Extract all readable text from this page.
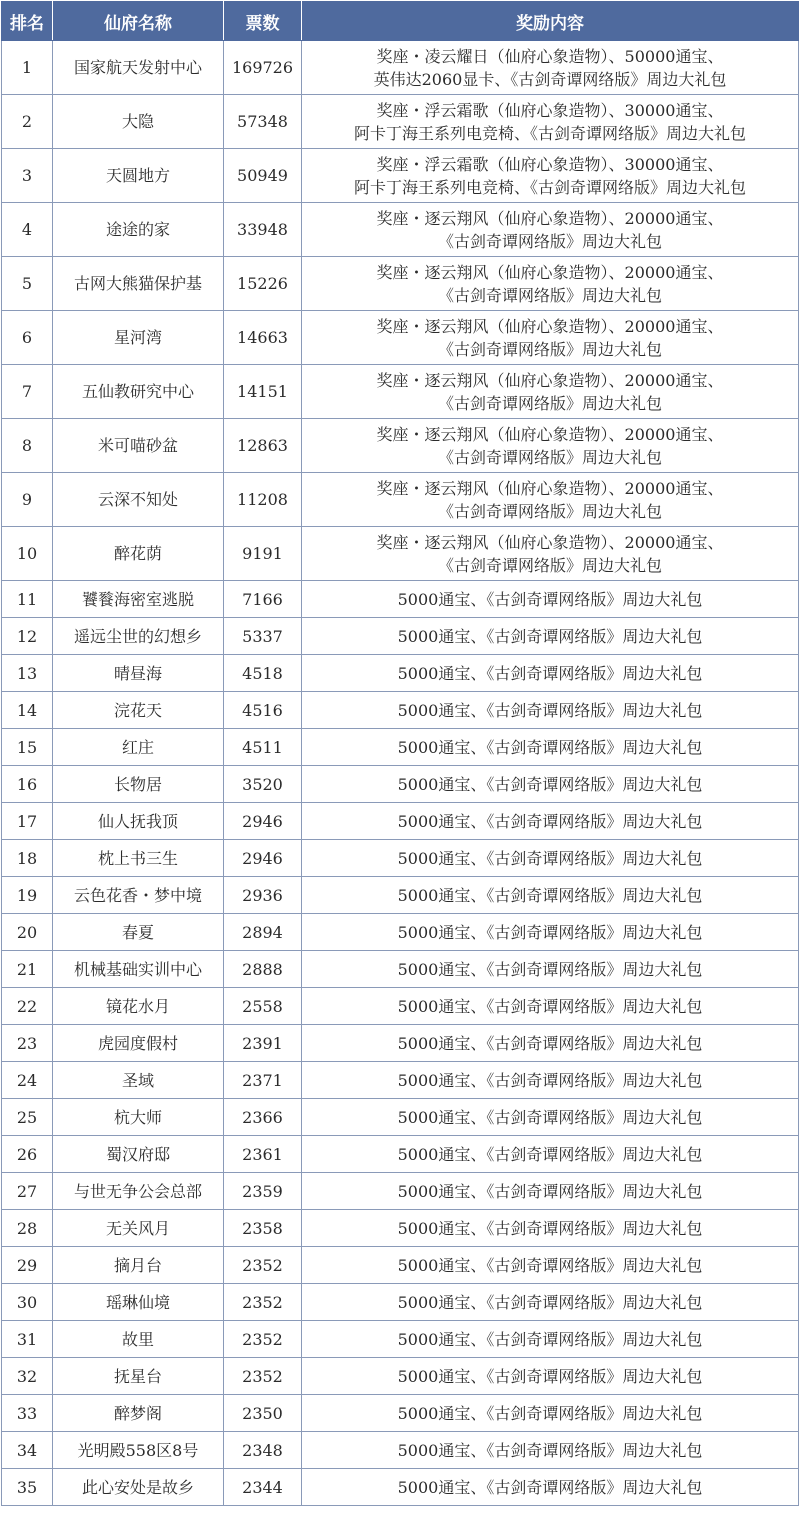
排名	仙府名称	票数	奖励内容
1	国家航天发射中心	169726	奖座・凌云耀日（仙府心象造物）、50000通宝、
英伟达2060显卡、《古剑奇谭网络版》周边大礼包

2	大隐	57348	奖座・浮云霜歌（仙府心象造物）、30000通宝、
阿卡丁海王系列电竞椅、《古剑奇谭网络版》周边大礼包

3	天圆地方	50949	奖座・浮云霜歌（仙府心象造物）、30000通宝、
阿卡丁海王系列电竞椅、《古剑奇谭网络版》周边大礼包

4	途途的家	33948	奖座・逐云翔风（仙府心象造物）、20000通宝、
《古剑奇谭网络版》周边大礼包

5	古网大熊猫保护基	15226	奖座・逐云翔风（仙府心象造物）、20000通宝、
《古剑奇谭网络版》周边大礼包

6	星河湾	14663	奖座・逐云翔风（仙府心象造物）、20000通宝、
《古剑奇谭网络版》周边大礼包

7	五仙教研究中心	14151	奖座・逐云翔风（仙府心象造物）、20000通宝、
《古剑奇谭网络版》周边大礼包

8	米可喵砂盆	12863	奖座・逐云翔风（仙府心象造物）、20000通宝、
《古剑奇谭网络版》周边大礼包

9	云深不知处	11208	奖座・逐云翔风（仙府心象造物）、20000通宝、
《古剑奇谭网络版》周边大礼包

10	醉花荫	9191	奖座・逐云翔风（仙府心象造物）、20000通宝、
《古剑奇谭网络版》周边大礼包

11	饕餮海密室逃脱	7166	5000通宝、《古剑奇谭网络版》周边大礼包

12	遥远尘世的幻想乡	5337	5000通宝、《古剑奇谭网络版》周边大礼包

13	晴昼海	4518	5000通宝、《古剑奇谭网络版》周边大礼包

14	浣花天	4516	5000通宝、《古剑奇谭网络版》周边大礼包

15	红庄	4511	5000通宝、《古剑奇谭网络版》周边大礼包

16	长物居	3520	5000通宝、《古剑奇谭网络版》周边大礼包

17	仙人抚我顶	2946	5000通宝、《古剑奇谭网络版》周边大礼包

18	枕上书三生	2946	5000通宝、《古剑奇谭网络版》周边大礼包

19	云色花香・梦中境	2936	5000通宝、《古剑奇谭网络版》周边大礼包

20	春夏	2894	5000通宝、《古剑奇谭网络版》周边大礼包

21	机械基础实训中心	2888	5000通宝、《古剑奇谭网络版》周边大礼包

22	镜花水月	2558	5000通宝、《古剑奇谭网络版》周边大礼包

23	虎园度假村	2391	5000通宝、《古剑奇谭网络版》周边大礼包

24	圣域	2371	5000通宝、《古剑奇谭网络版》周边大礼包

25	杭大师	2366	5000通宝、《古剑奇谭网络版》周边大礼包

26	蜀汉府邸	2361	5000通宝、《古剑奇谭网络版》周边大礼包

27	与世无争公会总部	2359	5000通宝、《古剑奇谭网络版》周边大礼包

28	无关风月	2358	5000通宝、《古剑奇谭网络版》周边大礼包

29	摘月台	2352	5000通宝、《古剑奇谭网络版》周边大礼包

30	瑶琳仙境	2352	5000通宝、《古剑奇谭网络版》周边大礼包

31	故里	2352	5000通宝、《古剑奇谭网络版》周边大礼包

32	抚星台	2352	5000通宝、《古剑奇谭网络版》周边大礼包

33	醉梦阁	2350	5000通宝、《古剑奇谭网络版》周边大礼包

34	光明殿558区8号	2348	5000通宝、《古剑奇谭网络版》周边大礼包

35	此心安处是故乡	2344	5000通宝、《古剑奇谭网络版》周边大礼包
